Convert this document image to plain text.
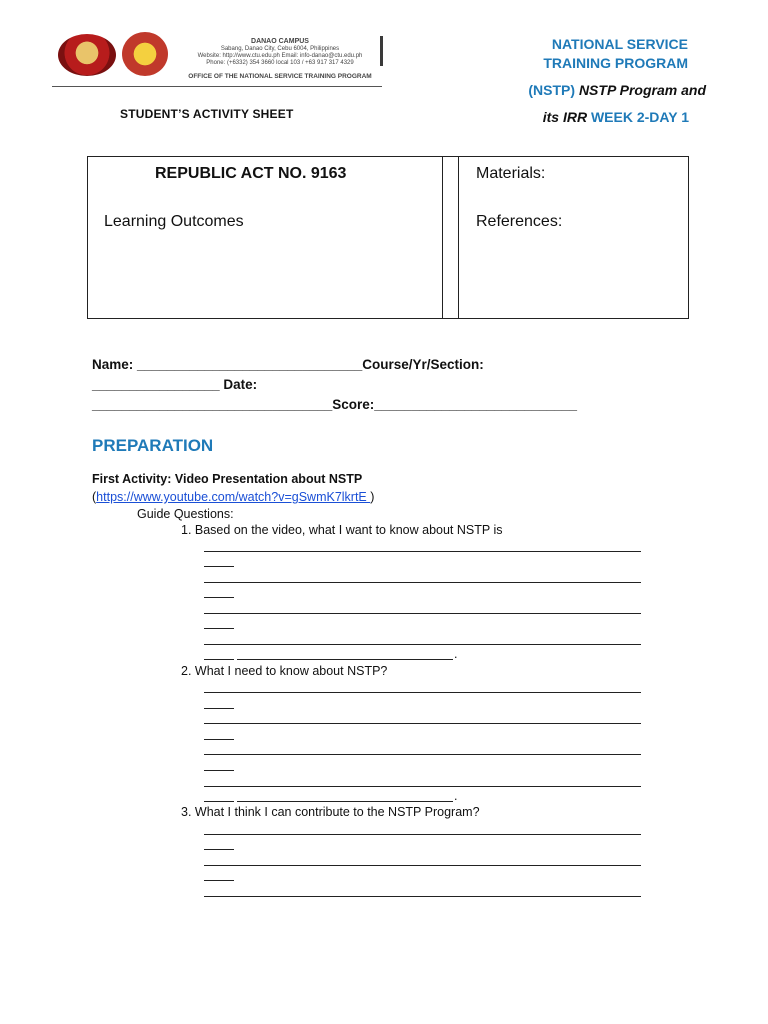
DANAO CAMPUS
Sabang, Danao City, Cebu 6004, Philippines
Website: http://www.ctu.edu.ph Email: info-danao@ctu.edu.ph
Phone: (+6332) 354 3660 local 103 / +63 917 317 4329
OFFICE OF THE NATIONAL SERVICE TRAINING PROGRAM
NATIONAL SERVICE
TRAINING PROGRAM
(NSTP) NSTP Program and
its IRR WEEK 2-DAY 1
STUDENT’S ACTIVITY SHEET
REPUBLIC ACT NO. 9163
Learning Outcomes
Materials:
References:
Name: ______________________________Course/Yr/Section:
_________________ Date:
________________________________Score:___________________________
PREPARATION
First Activity: Video Presentation about NSTP
(https://www.youtube.com/watch?v=gSwmK7lkrtE )
Guide Questions:
1. Based on the video, what I want to know about NSTP is
.
2. What I need to know about NSTP?
.
3. What I think I can contribute to the NSTP Program?
